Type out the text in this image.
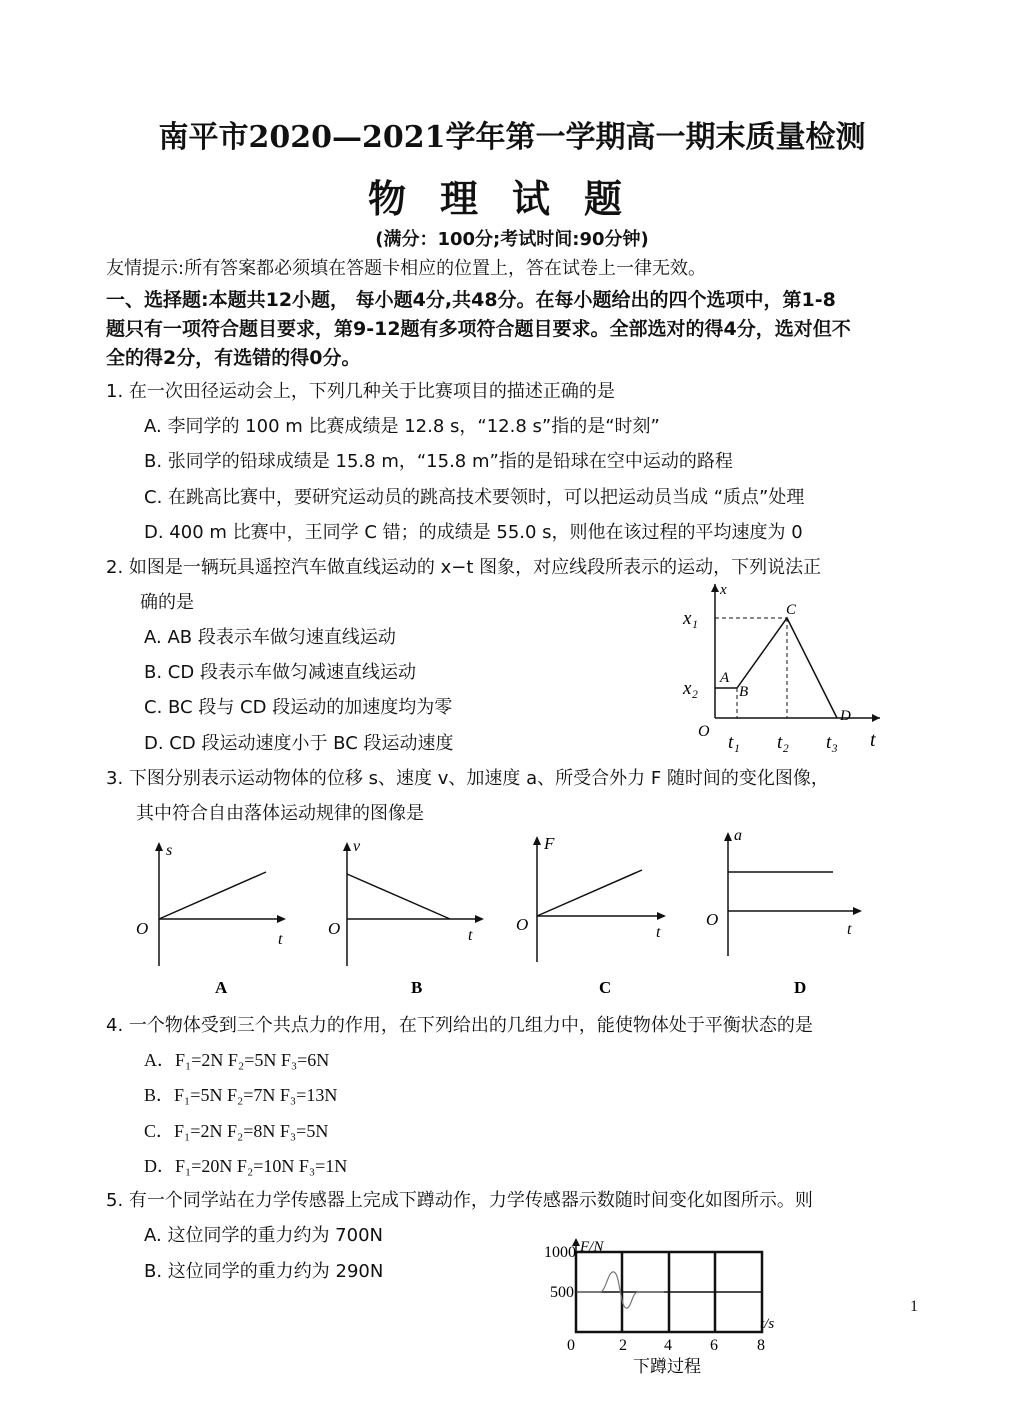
南平市2020—2021学年第一学期高一期末质量检测
物理试题
(满分：100分;考试时间:90分钟)
友情提示:所有答案都必须填在答题卡相应的位置上，答在试卷上一律无效。
一、选择题:本题共12小题， 每小题4分,共48分。在每小题给出的四个选项中，第1-8
题只有一项符合题目要求，第9-12题有多项符合题目要求。全部选对的得4分，选对但不
全的得2分，有选错的得0分。
1. 在一次田径运动会上，下列几种关于比赛项目的描述正确的是
A. 李同学的 100 m 比赛成绩是 12.8 s，“12.8 s”指的是“时刻”
B. 张同学的铅球成绩是 15.8 m，“15.8 m”指的是铅球在空中运动的路程
C. 在跳高比赛中，要研究运动员的跳高技术要领时，可以把运动员当成 “质点”处理
D. 400 m 比赛中，王同学 C 错；的成绩是 55.0 s，则他在该过程的平均速度为 0
2. 如图是一辆玩具遥控汽车做直线运动的 x−t 图象，对应线段所表示的运动，下列说法正
确的是
A. AB 段表示车做匀速直线运动
B. CD 段表示车做匀减速直线运动
C. BC 段与 CD 段运动的加速度均为零
D. CD 段运动速度小于 BC 段运动速度
x
t
O
x₁
x₂ A
B
C
D
t₁ t₂ t₃
3. 下图分别表示运动物体的位移 s、速度 v、加速度 a、所受合外力 F 随时间的变化图像，
其中符合自由落体运动规律的图像是
s
t
O
A
v
t
O
B
F
t
O
C
a
t
O
D
4. 一个物体受到三个共点力的作用，在下列给出的几组力中，能使物体处于平衡状态的是
A．F₁=2N F₂=5N F₃=6N
B．F₁=5N F₂=7N F₃=13N
C．F₁=2N F₂=8N F₃=5N
D．F₁=20N F₂=10N F₃=1N
5. 有一个同学站在力学传感器上完成下蹲动作，力学传感器示数随时间变化如图所示。则
A. 这位同学的重力约为 700N
B. 这位同学的重力约为 290N
1000
500
F/N
t/s
0	2 4 6 8
下蹲过程
1
